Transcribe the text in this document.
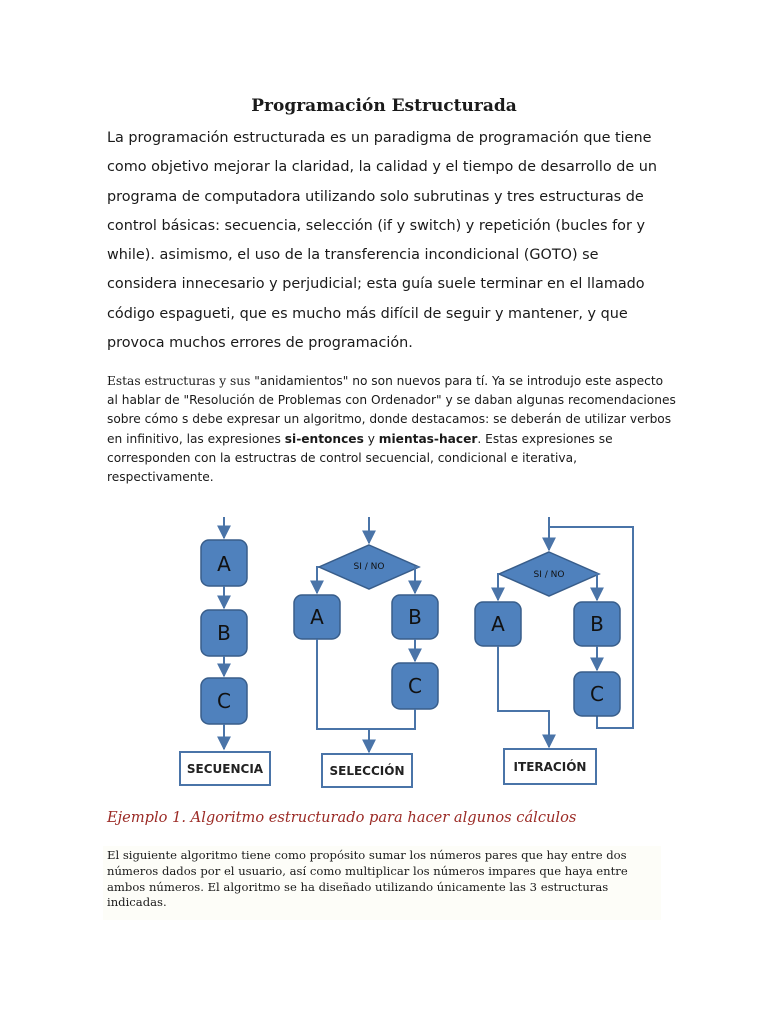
Programación Estructurada

La programación estructurada es un paradigma de programación que tiene como objetivo mejorar la claridad, la calidad y el tiempo de desarrollo de un programa de computadora utilizando solo subrutinas y tres estructuras de control básicas: secuencia, selección (if y switch) y repetición (bucles for y while). asimismo, el uso de la transferencia incondicional (GOTO) se considera innecesario y perjudicial; esta guía suele terminar en el llamado código espagueti, que es mucho más difícil de seguir y mantener, y que provoca muchos errores de programación.

Estas estructuras y sus "anidamientos" no son nuevos para tí. Ya se introdujo este aspecto al hablar de "Resolución de Problemas con Ordenador" y se daban algunas recomendaciones sobre cómo s debe expresar un algoritmo, donde destacamos: se deberán de utilizar verbos en infinitivo, las expresiones si-entonces y mientas-hacer. Estas expresiones se corresponden con la estructras de control secuencial, condicional e iterativa, respectivamente.

A
B
C
SECUENCIA
SI / NO
A	B
C
SELECCIÓN
SI / NO
A	B
C
ITERACIÓN
Ejemplo 1. Algoritmo estructurado para hacer algunos cálculos

El siguiente algoritmo tiene como propósito sumar los números pares que hay entre dos números dados por el usuario, así como multiplicar los números impares que haya entre ambos números. El algoritmo se ha diseñado utilizando únicamente las 3 estructuras indicadas.
